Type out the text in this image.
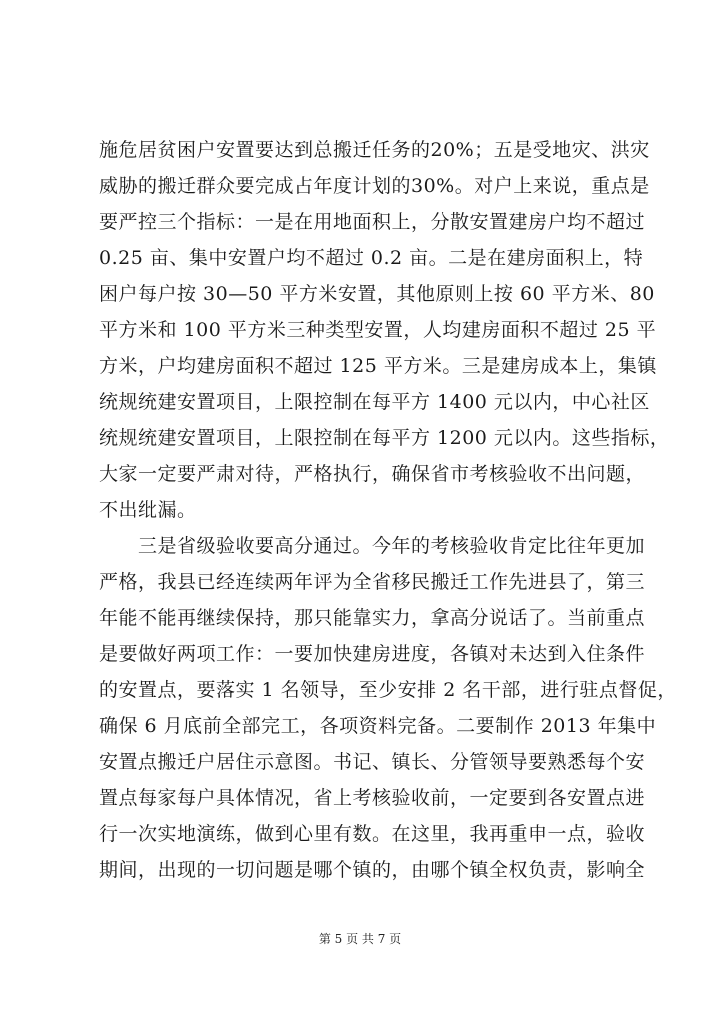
施危居贫困户安置要达到总搬迁任务的20%；五是受地灾、洪灾
威胁的搬迁群众要完成占年度计划的30%。对户上来说，重点是
要严控三个指标：一是在用地面积上，分散安置建房户均不超过
0.25 亩、集中安置户均不超过 0.2 亩。二是在建房面积上，特
困户每户按 30—50 平方米安置，其他原则上按 60 平方米、80
平方米和 100 平方米三种类型安置，人均建房面积不超过 25 平
方米，户均建房面积不超过 125 平方米。三是建房成本上，集镇
统规统建安置项目，上限控制在每平方 1400 元以内，中心社区
统规统建安置项目，上限控制在每平方 1200 元以内。这些指标，
大家一定要严肃对待，严格执行，确保省市考核验收不出问题，
不出纰漏。
　　三是省级验收要高分通过。今年的考核验收肯定比往年更加
严格，我县已经连续两年评为全省移民搬迁工作先进县了，第三
年能不能再继续保持，那只能靠实力，拿高分说话了。当前重点
是要做好两项工作：一要加快建房进度，各镇对未达到入住条件
的安置点，要落实 1 名领导，至少安排 2 名干部，进行驻点督促，
确保 6 月底前全部完工，各项资料完备。二要制作 2013 年集中
安置点搬迁户居住示意图。书记、镇长、分管领导要熟悉每个安
置点每家每户具体情况，省上考核验收前，一定要到各安置点进
行一次实地演练，做到心里有数。在这里，我再重申一点，验收
期间，出现的一切问题是哪个镇的，由哪个镇全权负责，影响全
第 5 页 共 7 页
